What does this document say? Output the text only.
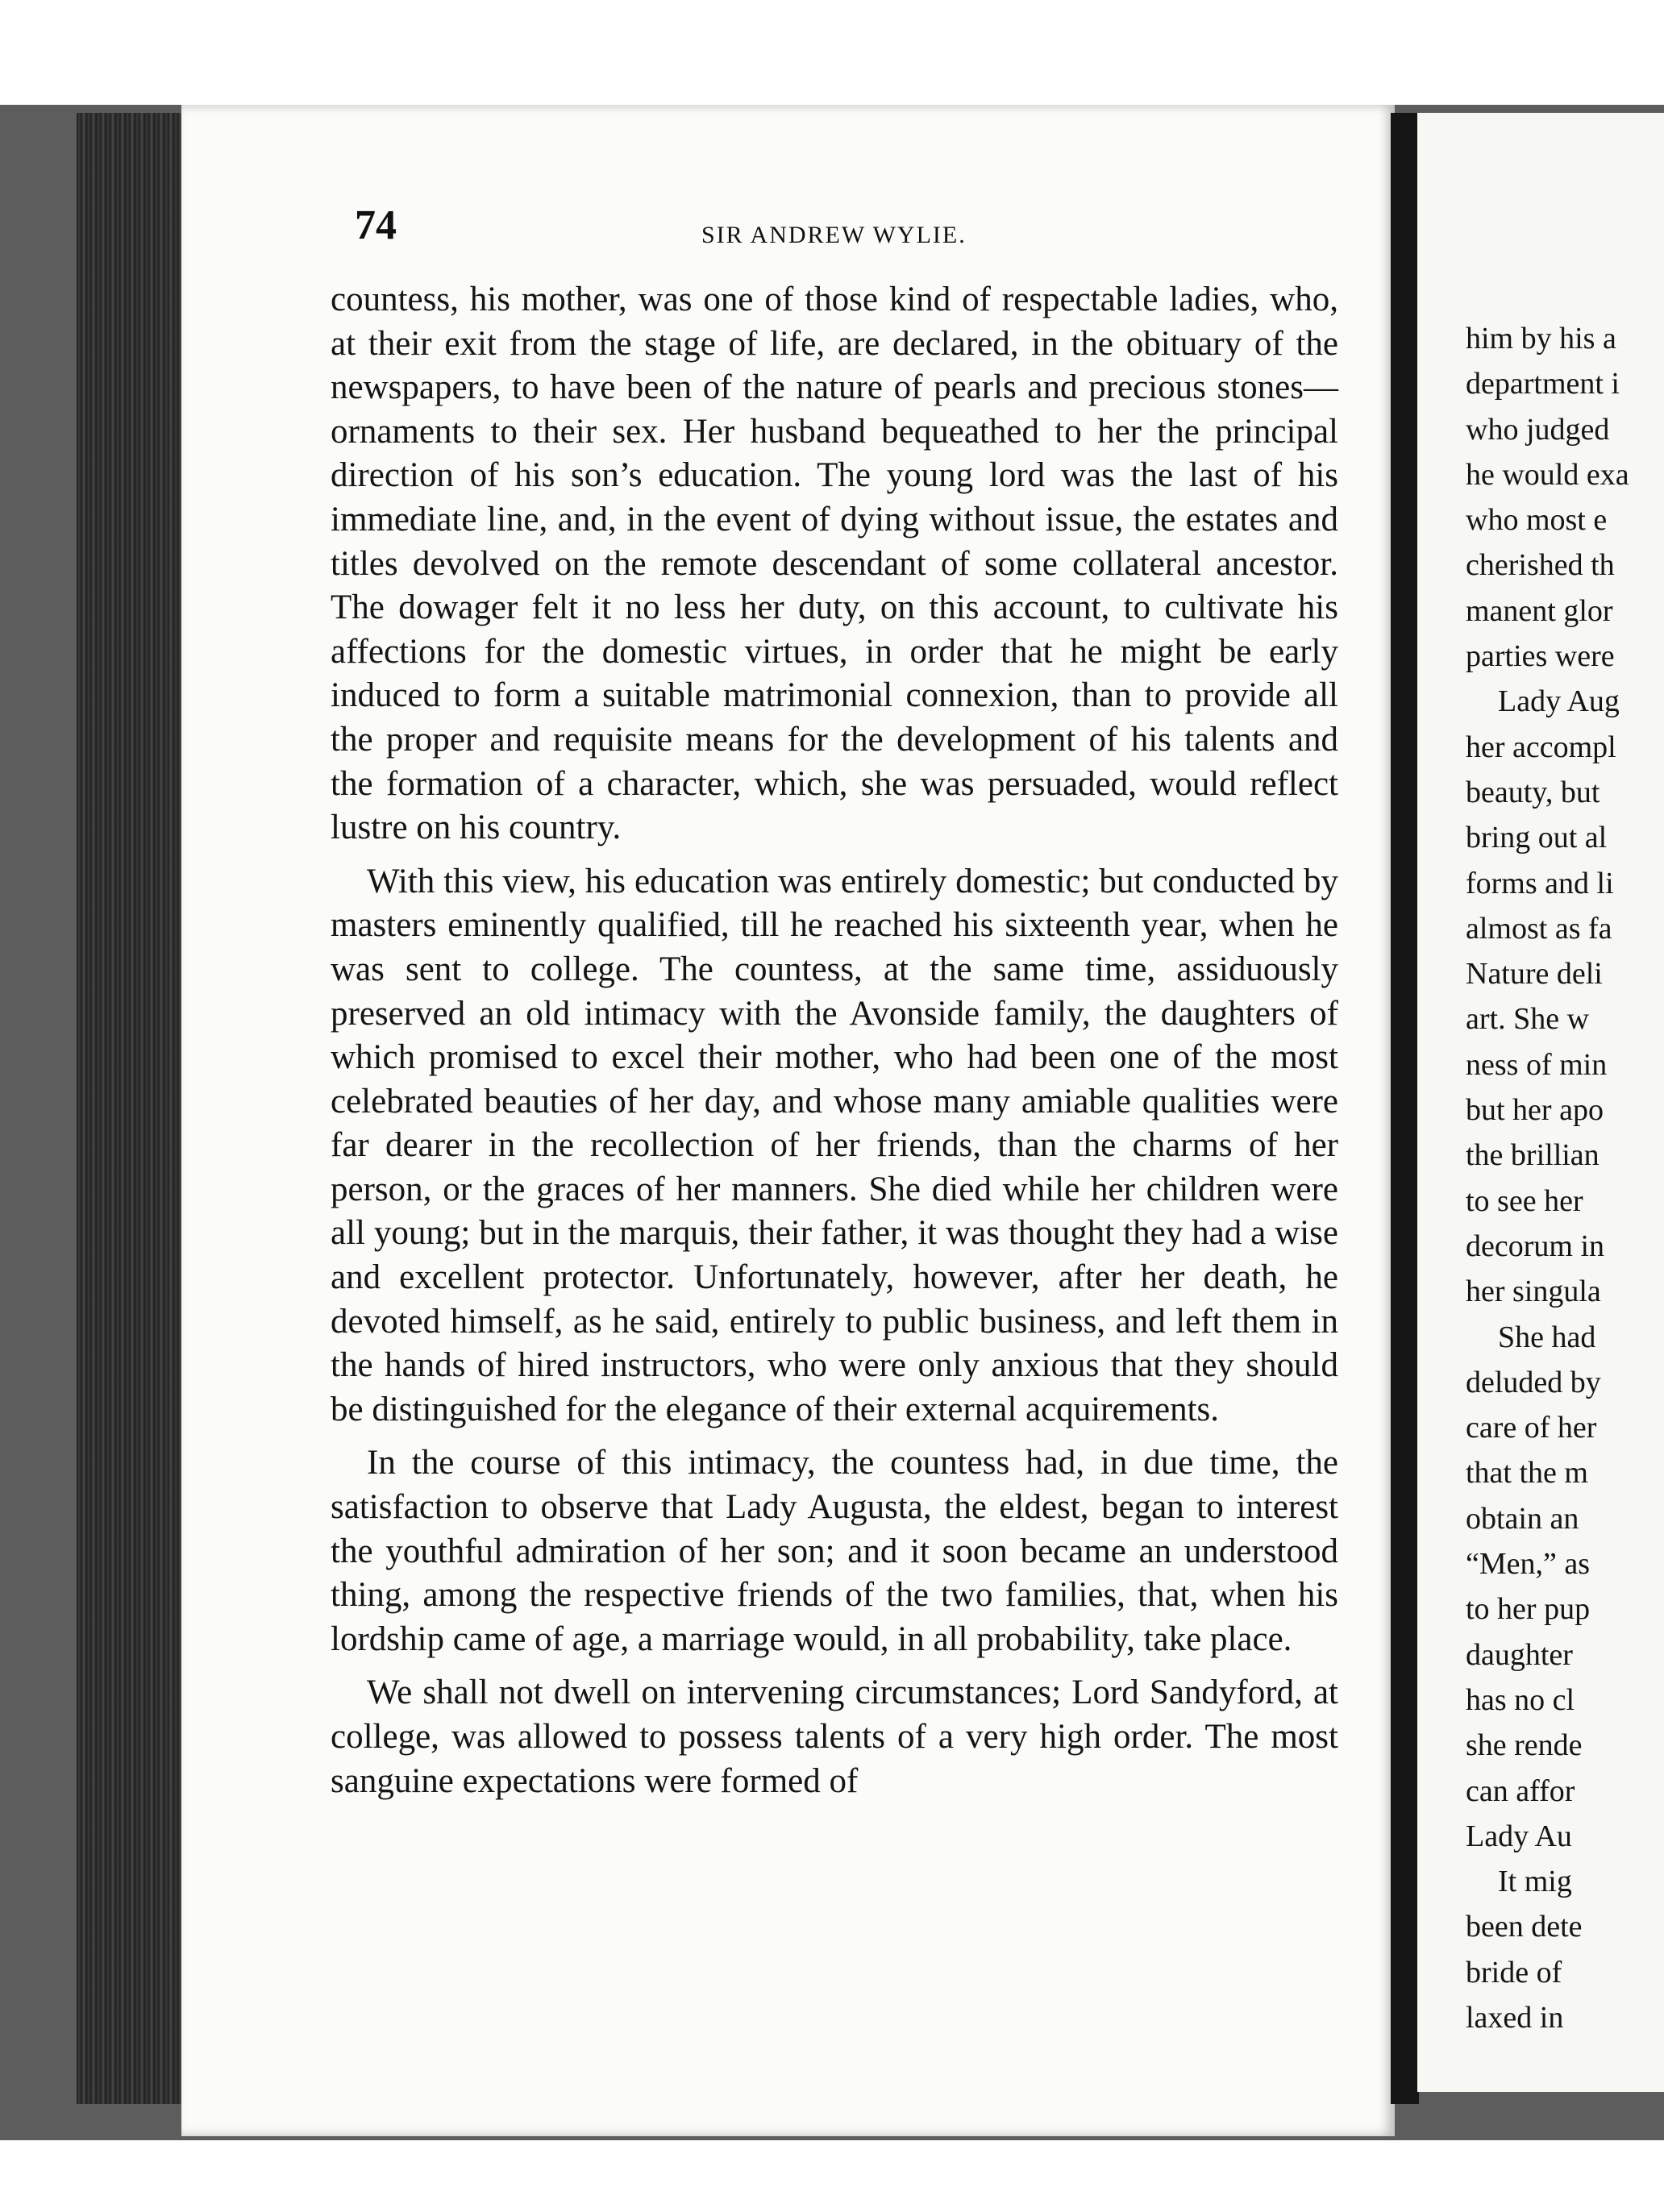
74	SIR ANDREW WYLIE.

countess, his mother, was one of those kind of respectable ladies, who, at their exit from the stage of life, are declared, in the obituary of the newspapers, to have been of the nature of pearls and precious stones—ornaments to their sex. Her husband bequeathed to her the principal direction of his son’s education. The young lord was the last of his immediate line, and, in the event of dying without issue, the estates and titles devolved on the remote descendant of some collateral ancestor. The dowager felt it no less her duty, on this account, to cultivate his affections for the domestic virtues, in order that he might be early induced to form a suitable matrimonial connexion, than to provide all the proper and requisite means for the development of his talents and the formation of a character, which, she was persuaded, would reflect lustre on his country.

With this view, his education was entirely domestic; but conducted by masters eminently qualified, till he reached his sixteenth year, when he was sent to college. The countess, at the same time, assiduously preserved an old intimacy with the Avonside family, the daughters of which promised to excel their mother, who had been one of the most celebrated beauties of her day, and whose many amiable qualities were far dearer in the recollection of her friends, than the charms of her person, or the graces of her manners. She died while her children were all young; but in the marquis, their father, it was thought they had a wise and excellent protector. Unfortunately, however, after her death, he devoted himself, as he said, entirely to public business, and left them in the hands of hired instructors, who were only anxious that they should be distinguished for the elegance of their external acquirements.

In the course of this intimacy, the countess had, in due time, the satisfaction to observe that Lady Augusta, the eldest, began to interest the youthful admiration of her son; and it soon became an understood thing, among the respective friends of the two families, that, when his lordship came of age, a marriage would, in all probability, take place.

We shall not dwell on intervening circumstances; Lord Sandyford, at college, was allowed to possess talents of a very high order. The most sanguine expectations were formed of

him by his a
department i
who judged
he would exa
who most e
cherished th
manent glor
parties were
Lady Aug
her accompl
beauty, but
bring out al
forms and li
almost as fa
Nature deli
art. She w
ness of min
but her apo
the brillian
to see her
decorum in
her singula
She had
deluded by
care of her
that the m
obtain an
“Men,” as
to her pup
daughter
has no cl
she rende
can affor
Lady Au
It mig
been dete
bride of
laxed in
